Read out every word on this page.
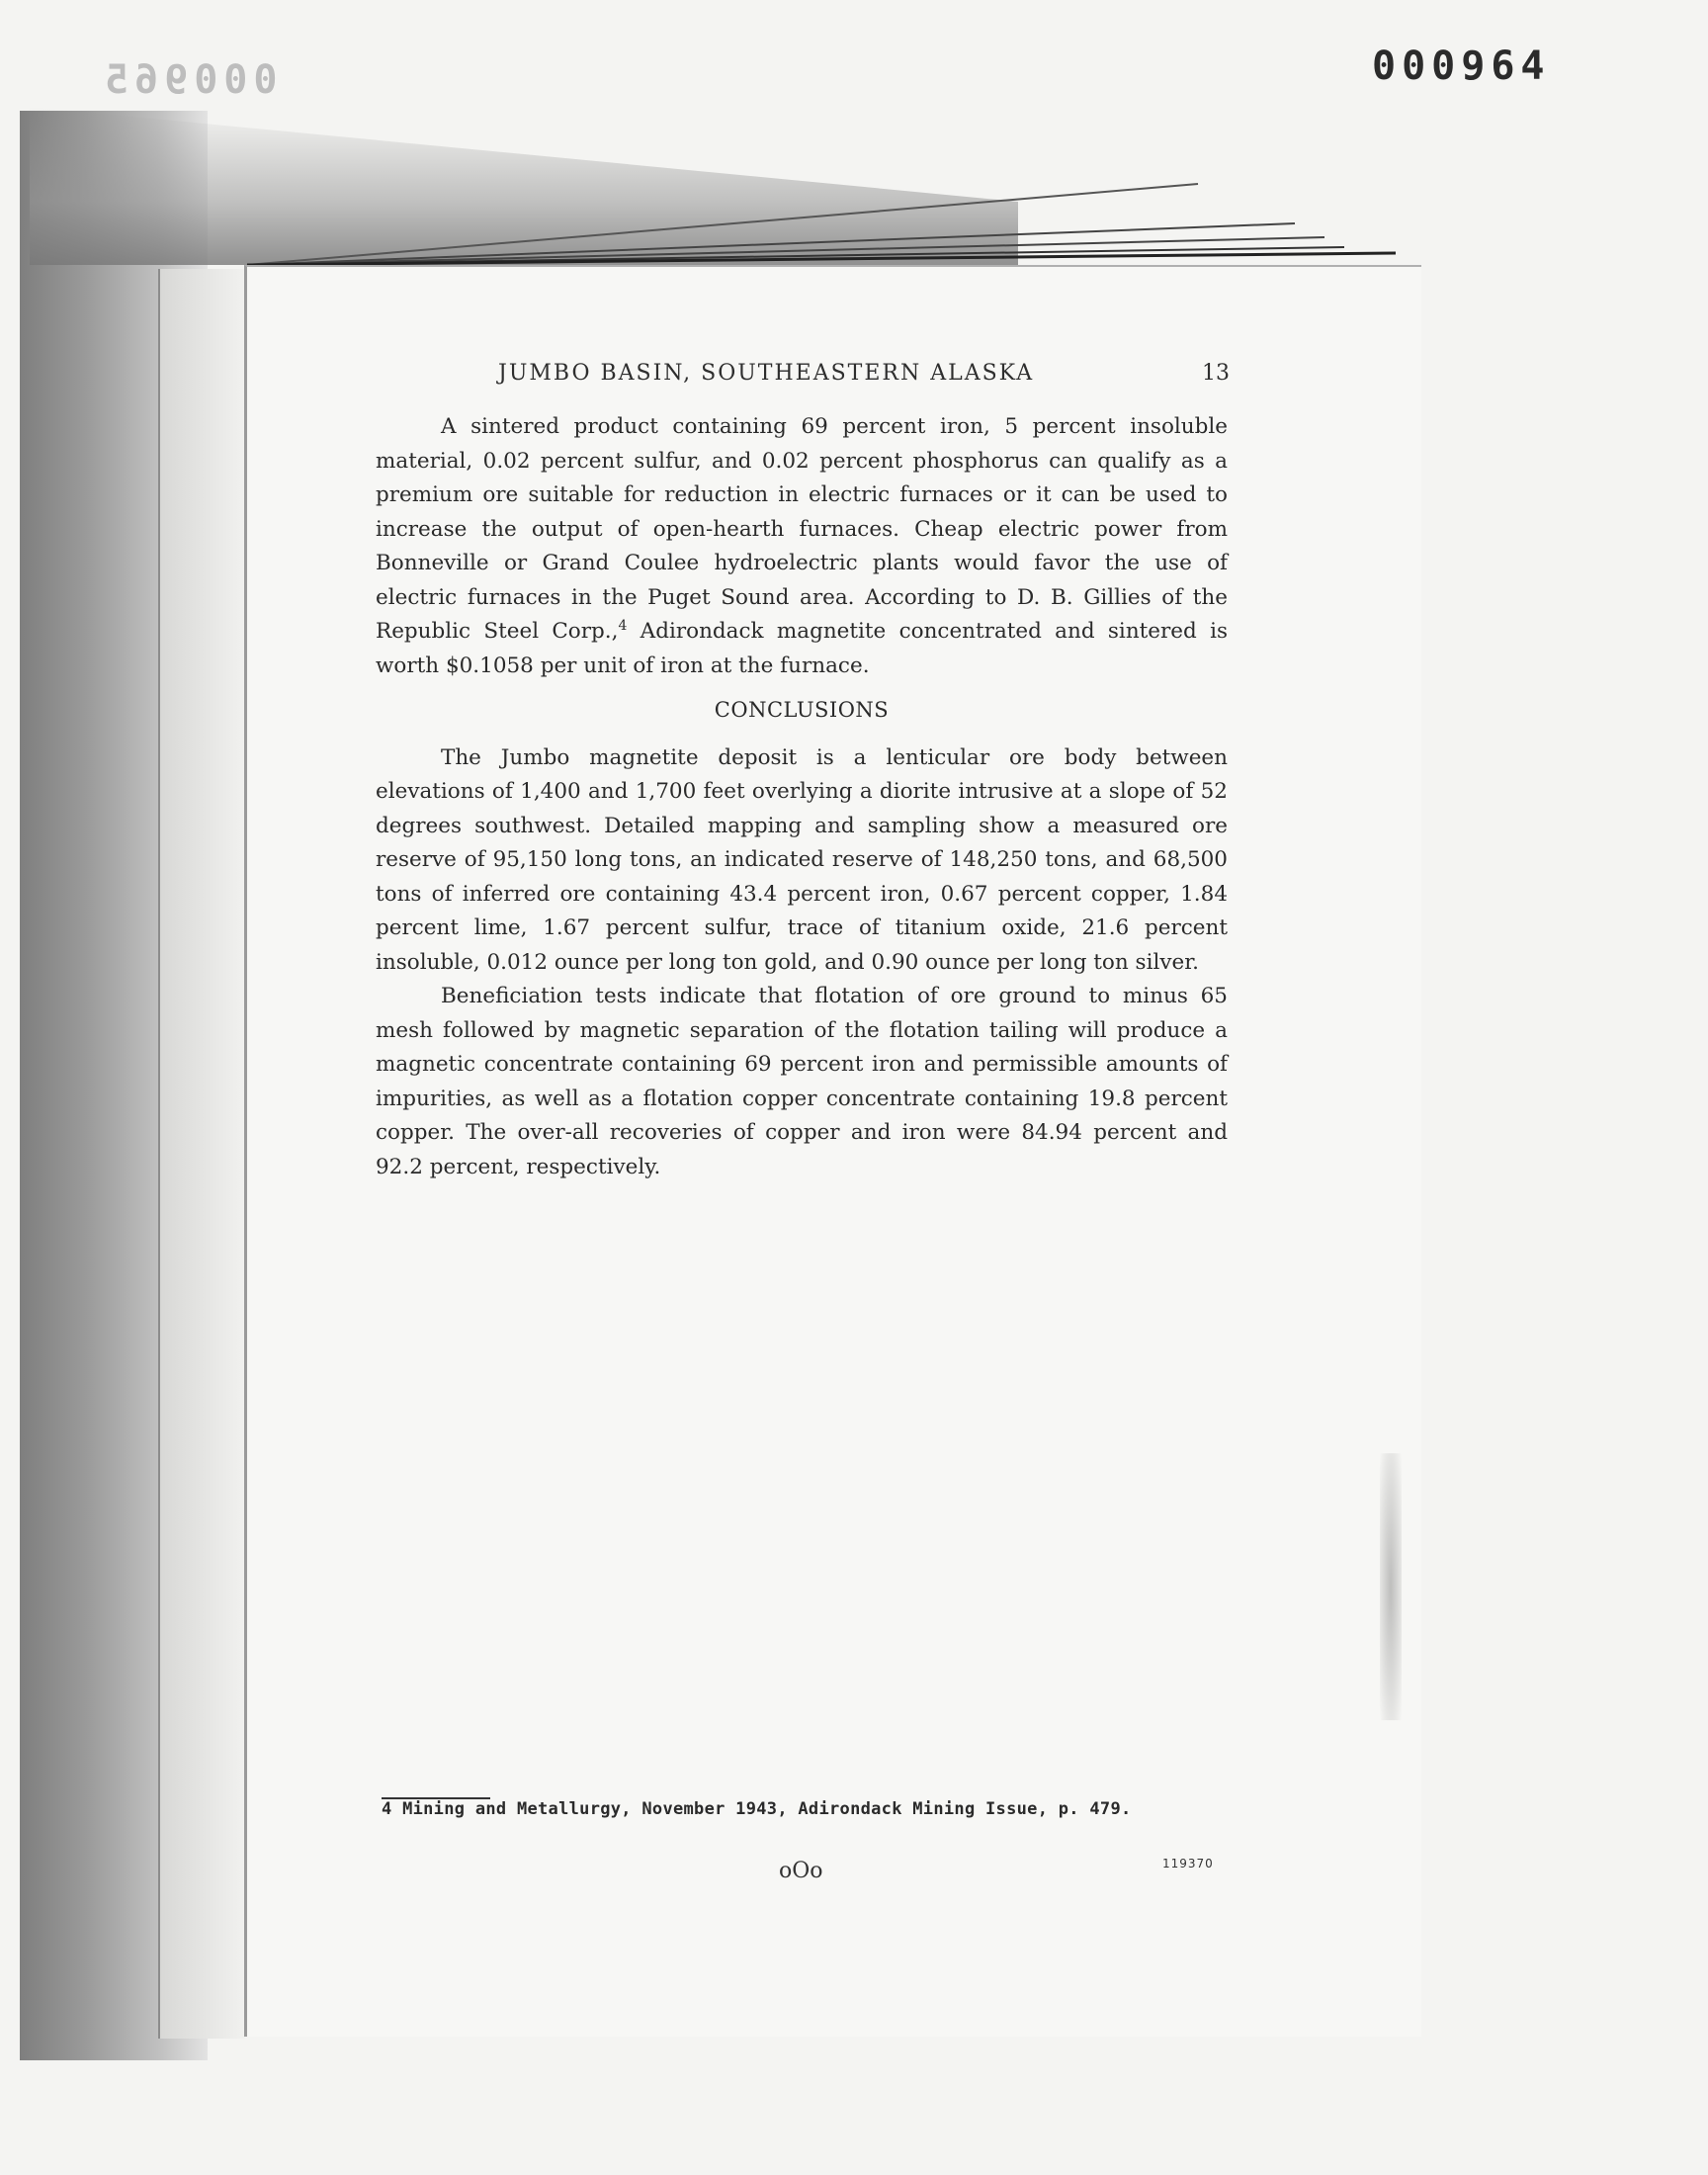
000965	000964
JUMBO BASIN, SOUTHEASTERN ALASKA	13

A sintered product containing 69 percent iron, 5 percent insoluble material, 0.02 percent sulfur, and 0.02 percent phosphorus can qualify as a premium ore suitable for reduction in electric furnaces or it can be used to increase the output of open-hearth furnaces. Cheap electric power from Bonneville or Grand Coulee hydroelectric plants would favor the use of electric furnaces in the Puget Sound area. According to D. B. Gillies of the Republic Steel Corp.,$^4$ Adirondack magnetite concentrated and sintered is worth $0.1058 per unit of iron at the furnace.

CONCLUSIONS

The Jumbo magnetite deposit is a lenticular ore body between elevations of 1,400 and 1,700 feet overlying a diorite intrusive at a slope of 52 degrees southwest. Detailed mapping and sampling show a measured ore reserve of 95,150 long tons, an indicated reserve of 148,250 tons, and 68,500 tons of inferred ore containing 43.4 percent iron, 0.67 percent copper, 1.84 percent lime, 1.67 percent sulfur, trace of titanium oxide, 21.6 percent insoluble, 0.012 ounce per long ton gold, and 0.90 ounce per long ton silver.

Beneficiation tests indicate that flotation of ore ground to minus 65 mesh followed by magnetic separation of the flotation tailing will produce a magnetic concentrate containing 69 percent iron and permissible amounts of impurities, as well as a flotation copper concentrate containing 19.8 percent copper. The over-all recoveries of copper and iron were 84.94 percent and 92.2 percent, respectively.

4 Mining and Metallurgy, November 1943, Adirondack Mining Issue, p. 479.
oOo	119370
